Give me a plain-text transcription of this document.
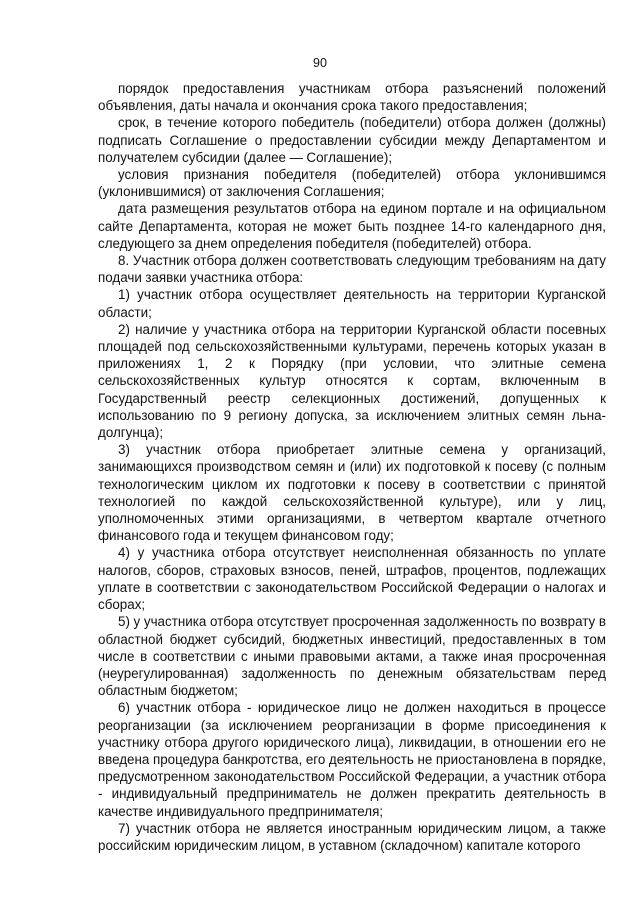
90

порядок предоставления участникам отбора разъяснений положений объявления, даты начала и окончания срока такого предоставления;

срок, в течение которого победитель (победители) отбора должен (должны) подписать Соглашение о предоставлении субсидии между Департаментом и получателем субсидии (далее — Соглашение);

условия признания победителя (победителей) отбора уклонившимся (уклонившимися) от заключения Соглашения;

дата размещения результатов отбора на едином портале и на официальном сайте Департамента, которая не может быть позднее 14-го календарного дня, следующего за днем определения победителя (победителей) отбора.

8. Участник отбора должен соответствовать следующим требованиям на дату подачи заявки участника отбора:

1) участник отбора осуществляет деятельность на территории Курганской области;

2) наличие у участника отбора на территории Курганской области посевных площадей под сельскохозяйственными культурами, перечень которых указан в приложениях 1, 2 к Порядку (при условии, что элитные семена сельскохозяйственных культур относятся к сортам, включенным в Государственный реестр селекционных достижений, допущенных к использованию по 9 региону допуска, за исключением элитных семян льна-долгунца);

3) участник отбора приобретает элитные семена у организаций, занимающихся производством семян и (или) их подготовкой к посеву (с полным технологическим циклом их подготовки к посеву в соответствии с принятой технологией по каждой сельскохозяйственной культуре), или у лиц, уполномоченных этими организациями, в четвертом квартале отчетного финансового года и текущем финансовом году;

4) у участника отбора отсутствует неисполненная обязанность по уплате налогов, сборов, страховых взносов, пеней, штрафов, процентов, подлежащих уплате в соответствии с законодательством Российской Федерации о налогах и сборах;

5) у участника отбора отсутствует просроченная задолженность по возврату в областной бюджет субсидий, бюджетных инвестиций, предоставленных в том числе в соответствии с иными правовыми актами, а также иная просроченная (неурегулированная) задолженность по денежным обязательствам перед областным бюджетом;

6) участник отбора - юридическое лицо не должен находиться в процессе реорганизации (за исключением реорганизации в форме присоединения к участнику отбора другого юридического лица), ликвидации, в отношении его не введена процедура банкротства, его деятельность не приостановлена в порядке, предусмотренном законодательством Российской Федерации, а участник отбора - индивидуальный предприниматель не должен прекратить деятельность в качестве индивидуального предпринимателя;

7) участник отбора не является иностранным юридическим лицом, а также российским юридическим лицом, в уставном (складочном) капитале которого
